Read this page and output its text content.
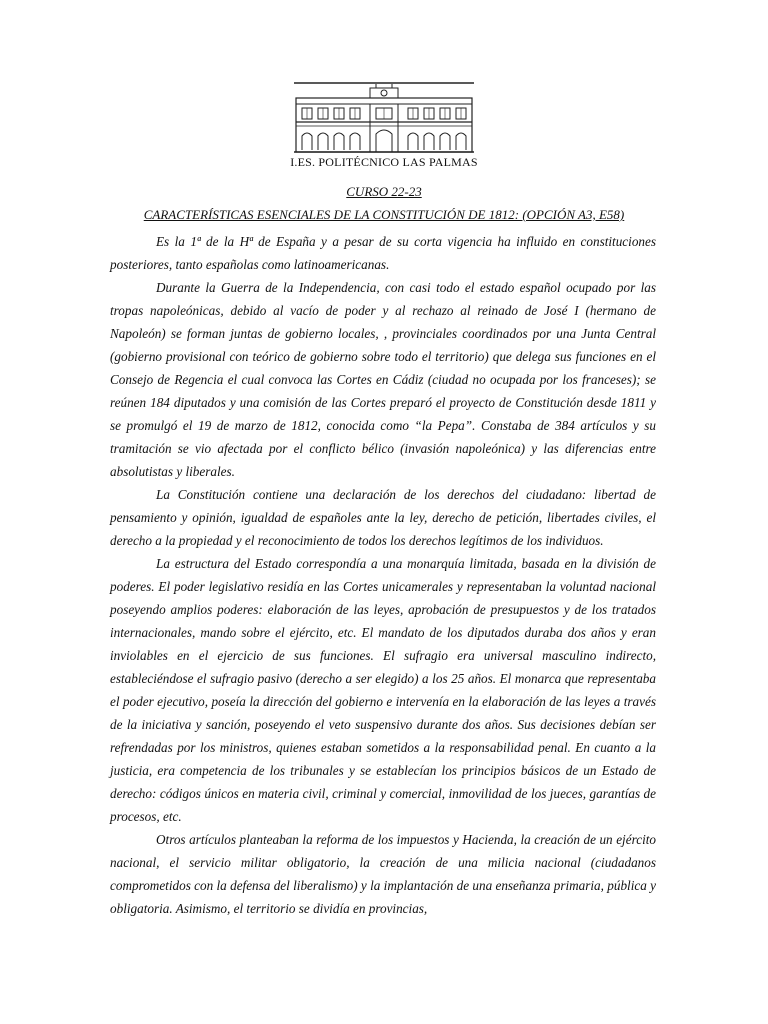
I.ES. POLITÉCNICO LAS PALMAS
CURSO 22-23
CARACTERÍSTICAS ESENCIALES DE LA CONSTITUCIÓN DE 1812: (OPCIÓN A3, E58)

Es la 1ª de la Hª de España y a pesar de su corta vigencia ha influido en constituciones posteriores, tanto españolas como latinoamericanas.

Durante la Guerra de la Independencia, con casi todo el estado español ocupado por las tropas napoleónicas, debido al vacío de poder y al rechazo al reinado de José I (hermano de Napoleón) se forman juntas de gobierno locales, , provinciales coordinados por una Junta Central (gobierno provisional con teórico de gobierno sobre todo el territorio) que delega sus funciones en el Consejo de Regencia el cual convoca las Cortes en Cádiz (ciudad no ocupada por los franceses); se reúnen 184 diputados y una comisión de las Cortes preparó el proyecto de Constitución desde 1811 y se promulgó el 19 de marzo de 1812, conocida como “la Pepa”. Constaba de 384 artículos y su tramitación se vio afectada por el conflicto bélico (invasión napoleónica) y las diferencias entre absolutistas y liberales.

La Constitución contiene una declaración de los derechos del ciudadano: libertad de pensamiento y opinión, igualdad de españoles ante la ley, derecho de petición, libertades civiles, el derecho a la propiedad y el reconocimiento de todos los derechos legítimos de los individuos.

La estructura del Estado correspondía a una monarquía limitada, basada en la división de poderes. El poder legislativo residía en las Cortes unicamerales y representaban la voluntad nacional poseyendo amplios poderes: elaboración de las leyes, aprobación de presupuestos y de los tratados internacionales, mando sobre el ejército, etc. El mandato de los diputados duraba dos años y eran inviolables en el ejercicio de sus funciones. El sufragio era universal masculino indirecto, estableciéndose el sufragio pasivo (derecho a ser elegido) a los 25 años. El monarca que representaba el poder ejecutivo, poseía la dirección del gobierno e intervenía en la elaboración de las leyes a través de la iniciativa y sanción, poseyendo el veto suspensivo durante dos años. Sus decisiones debían ser refrendadas por los ministros, quienes estaban sometidos a la responsabilidad penal. En cuanto a la justicia, era competencia de los tribunales y se establecían los principios básicos de un Estado de derecho: códigos únicos en materia civil, criminal y comercial, inmovilidad de los jueces, garantías de procesos, etc.

Otros artículos planteaban la reforma de los impuestos y Hacienda, la creación de un ejército nacional, el servicio militar obligatorio, la creación de una milicia nacional (ciudadanos comprometidos con la defensa del liberalismo) y la implantación de una enseñanza primaria, pública y obligatoria. Asimismo, el territorio se dividía en provincias,
